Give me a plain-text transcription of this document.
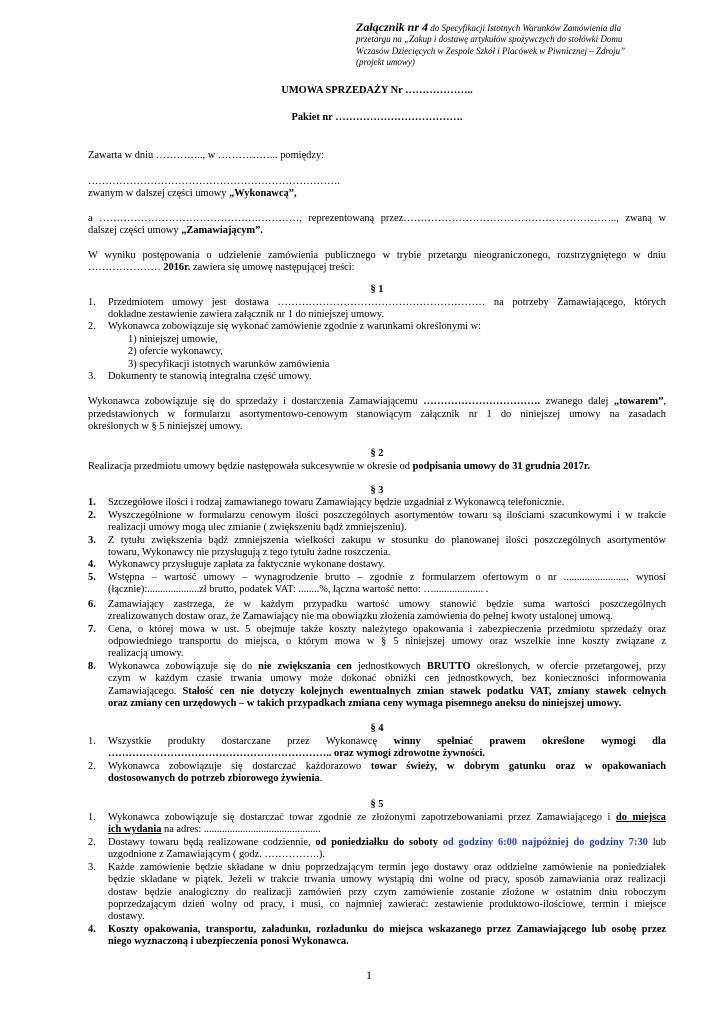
Załącznik nr 4 do Specyfikacji Istotnych Warunków Zamówienia dla
przetargu na „Zakup i dostawę artykułów spożywczych do stołówki Domu
Wczasów Dziecięcych w Zespole Szkół i Placówek w Piwnicznej – Zdroju”
(projekt umowy)
UMOWA SPRZEDAŻY Nr ………………..
Pakiet nr ……………………………….
Zawarta w dniu ………….., w ……………... pomiędzy:
……………………………………………………………….
zwanym w dalszej części umowy „Wykonawcą”,
a ……………………………………….…………, reprezentowaną przez…………………………………………………….., zwaną w
dalszej części umowy „Zamawiającym”.
W wyniku postępowania o udzielenie zamówienia publicznego w trybie przetargu nieograniczonego, rozstrzygniętego w dniu
………………… 2016r. zawiera się umowę następującej treści:
§ 1
1.	Przedmiotem umowy jest dostawa …………………………………………………… na potrzeby Zamawiającego, których
dokładne zestawienie zawiera załącznik nr 1 do niniejszej umowy.
2.	Wykonawca zobowiązuje się wykonać zamówienie zgodnie z warunkami określonymi w:
1) niniejszej umowie,
2) ofercie wykonawcy,
3) specyfikacji istotnych warunków zamówienia
3.	Dokumenty te stanowią integralna część umowy.
Wykonawca zobowiązuje się do sprzedaży i dostarczenia Zamawiającemu ……………………………. zwanego dalej „towarem”,
przedstawionych w formularzu asortymentowo-cenowym stanowiącym załącznik nr 1 do niniejszej umowy na zasadach
określonych w § 5 niniejszej umowy.
§ 2
Realizacja przedmiotu umowy będzie następowała sukcesywnie w okresie od podpisania umowy do 31 grudnia 2017r.
§ 3
1.	Szczegółowe ilości i rodzaj zamawianego towaru Zamawiający będzie uzgadniał z Wykonawcą telefonicznie.
2.	Wyszczególnione w formularzu cenowym ilości poszczególnych asortymentów towaru są ilościami szacunkowymi i w trakcie
realizacji umowy mogą ulec zmianie ( zwiększeniu bądź zmniejszeniu).
3.	Z tytułu zwiększenia bądź zmniejszenia wielkości zakupu w stosunku do planowanej ilości poszczególnych asortymentów
towaru, Wykonawcy nie przysługują z tego tytułu żadne roszczenia.
4.	Wykonawcy przysługuje zapłata za faktycznie wykonane dostawy.
5.	Wstępna – wartość umowy – wynagrodzenie brutto – zgodnie z formularzem ofertowym o nr ......................... wynosi
(łącznie):....................zł brutto, podatek VAT: ........%, łączna wartość netto: …................... .
6.	Zamawiający zastrzega, że w każdym przypadku wartość umowy stanowić będzie suma wartości poszczególnych
zrealizowanych dostaw oraz, że Zamawiający nie ma obowiązku złożenia zamówienia do pełnej kwoty ustalonej umową.
7.	Cena, o której mowa w ust. 5 obejmuje także koszty należytego opakowania i zabezpieczenia przedmiotu sprzedaży oraz
odpowiedniego transportu do miejsca, o którym mowa w § 5 niniejszej umowy oraz wszelkie inne koszty związane z
realizacją umowy.
8.	Wykonawca zobowiązuje się do nie zwiększania cen jednostkowych BRUTTO określonych, w ofercie przetargowej, przy
czym w każdym czasie trwania umowy może dokonać obniżki cen jednostkowych, bez konieczności informowania
Zamawiającego. Stałość cen nie dotyczy kolejnych ewentualnych zmian stawek podatku VAT, zmiany stawek celnych
oraz zmiany cen urzędowych – w takich przypadkach zmiana ceny wymaga pisemnego aneksu do niniejszej umowy.
§ 4
1.	Wszystkie produkty dostarczane przez Wykonawcę winny spełniać prawem określone wymogi dla
……………………………………………………….. oraz wymogi zdrowotne żywności.
2.	Wykonawca zobowiązuje się dostarczać każdorazowo towar świeży, w dobrym gatunku oraz w opakowaniach
dostosowanych do potrzeb zbiorowego żywienia.
§ 5
1.	Wykonawca zobowiązuje się dostarczać towar zgodnie ze złożonymi zapotrzebowaniami przez Zamawiającego i do miejsca
ich wydania na adres: .............................................
2.	Dostawy towaru będą realizowane codziennie, od poniedziałku do soboty od godziny 6:00 najpóźniej do godziny 7:30 lub
uzgodnione z Zamawiającym ( godz. …………….).
3.	Każde zamówienie będzie składane w dniu poprzedzającym termin jego dostawy oraz oddzielne zamówienie na poniedziałek
będzie składane w piątek. Jeżeli w trakcie trwania umowy wystąpią dni wolne od pracy, sposób zamawiania oraz realizacji
dostaw będzie analogiczny do realizacji zamówień przy czym zamówienie zostanie złożone w ostatnim dniu roboczym
poprzedzającym dzień wolny od pracy, i musi, co najmniej zawierać: zestawienie produktowo-ilościowe, termin i miejsce
dostawy.
4.	Koszty opakowania, transportu, załadunku, rozładunku do miejsca wskazanego przez Zamawiającego lub osobę przez
niego wyznaczoną i ubezpieczenia ponosi Wykonawca.
1
